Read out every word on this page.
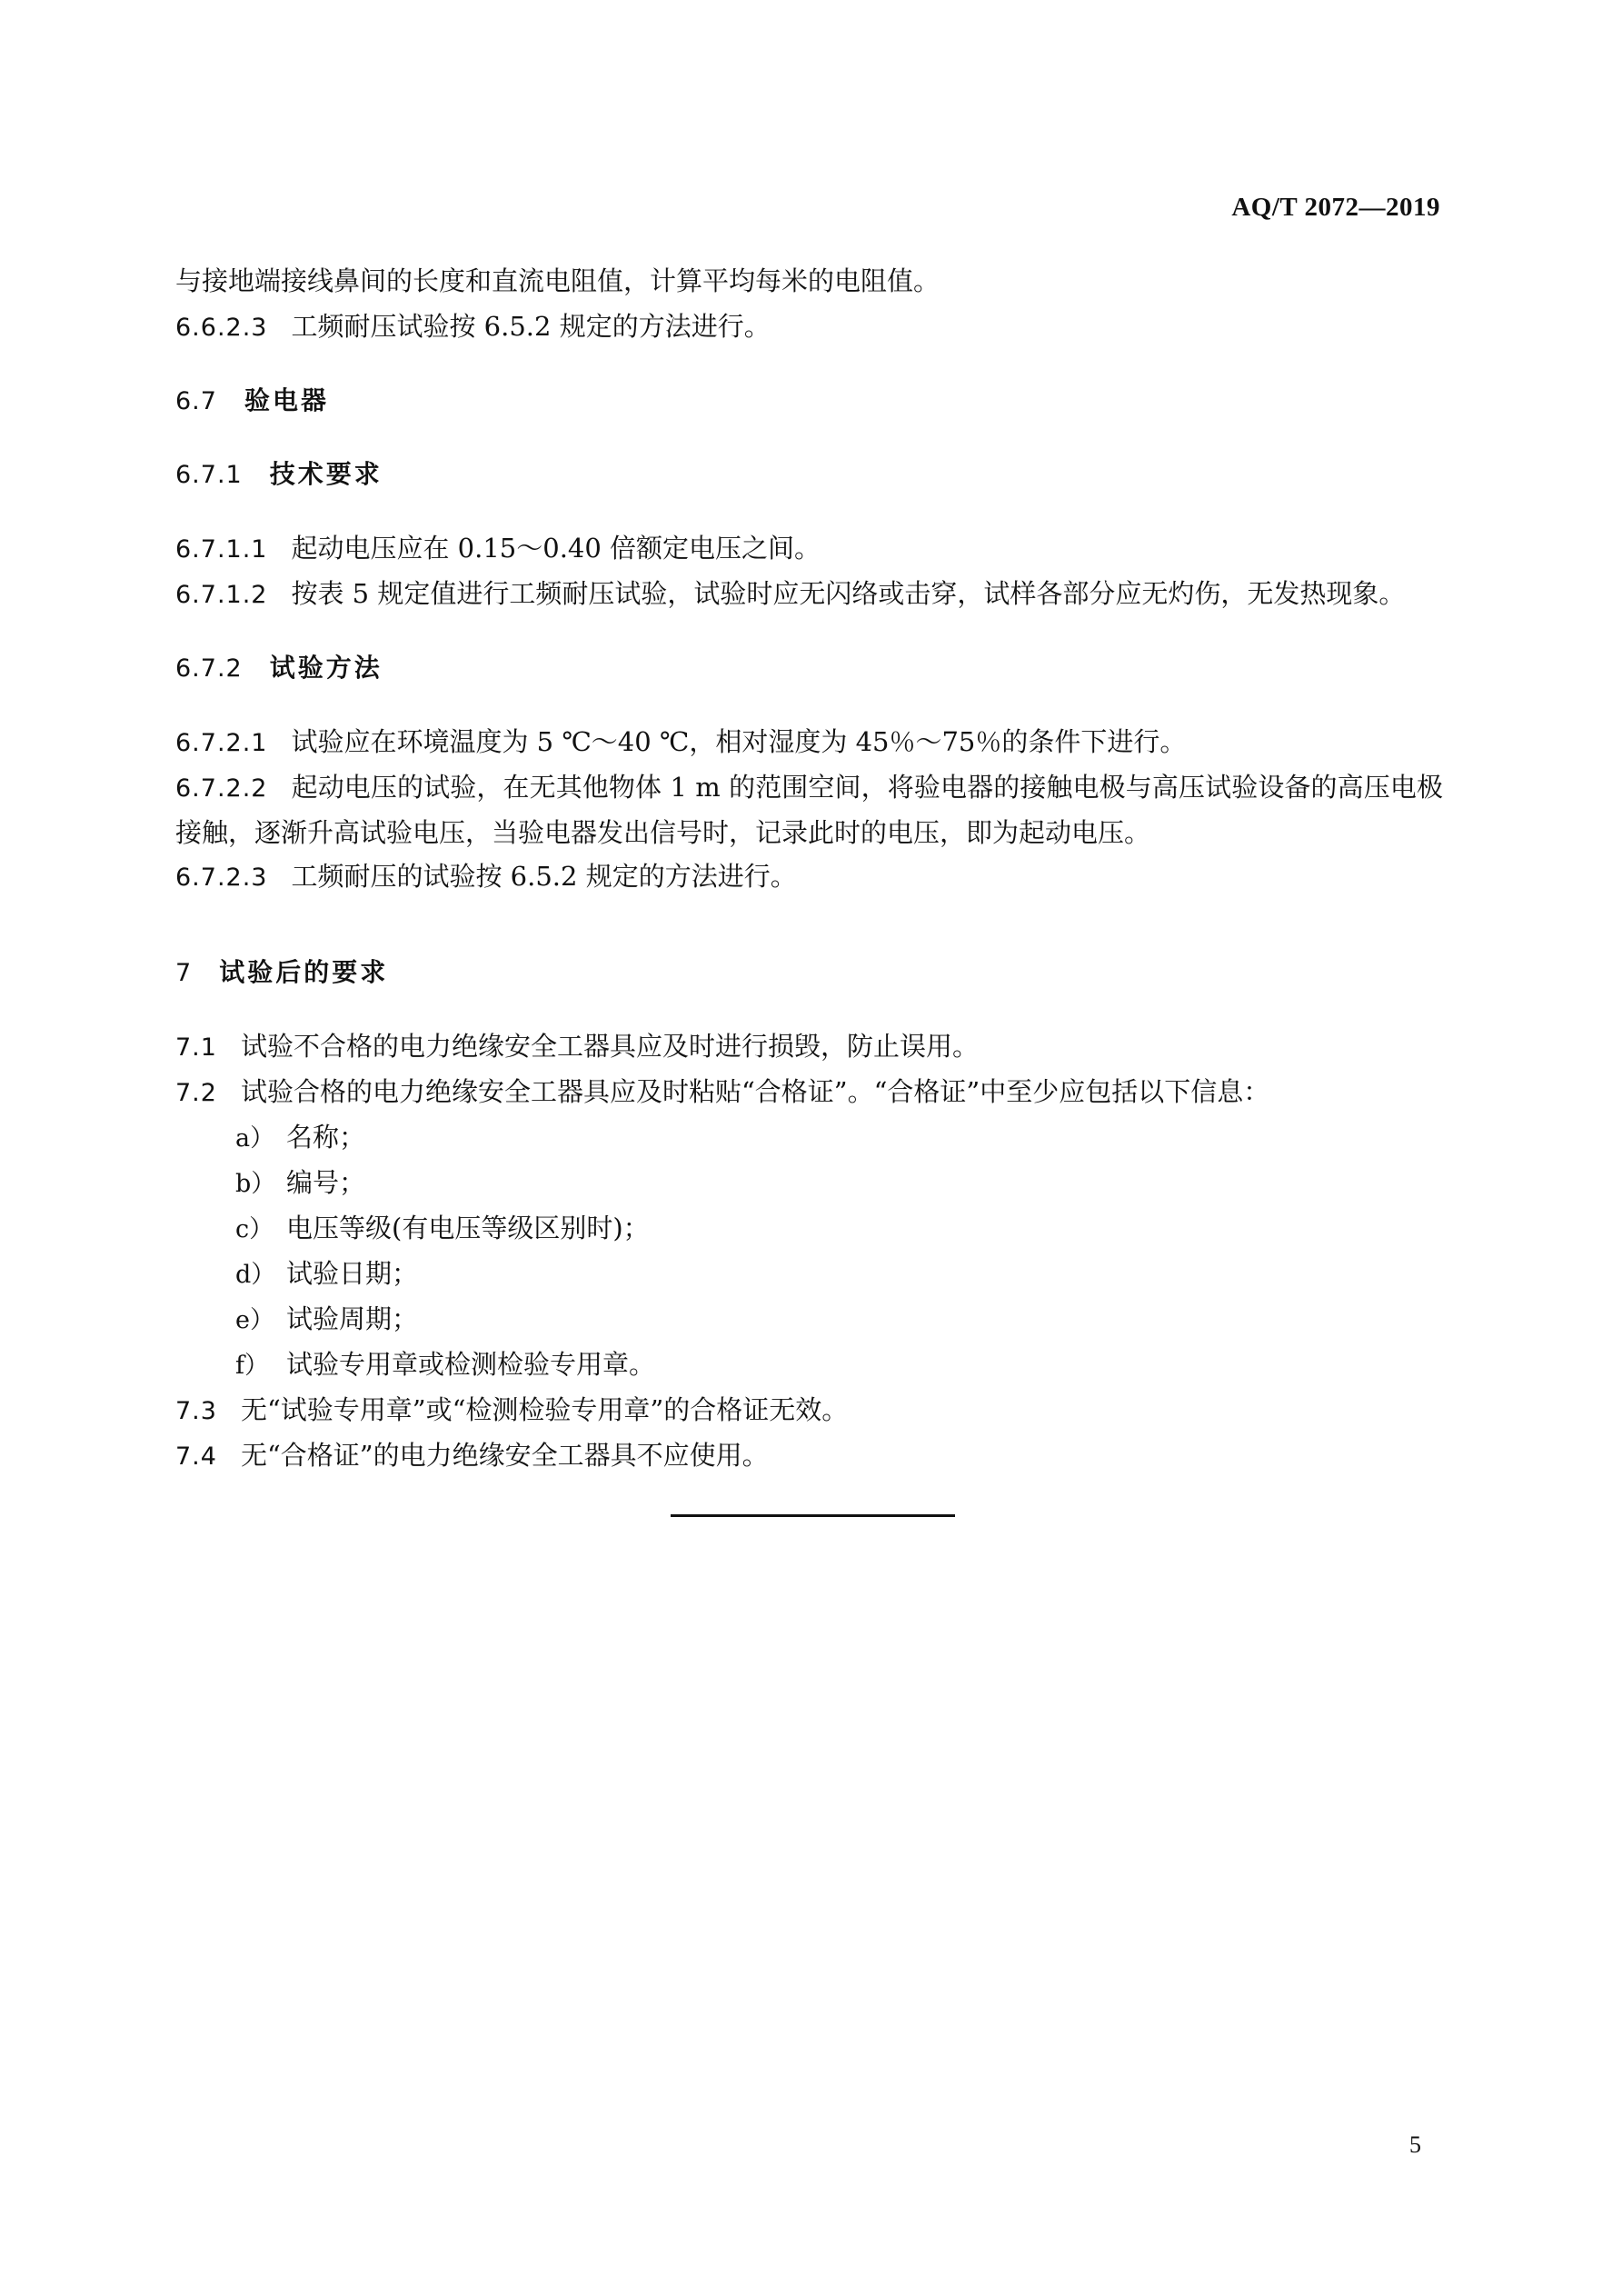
AQ/T 2072—2019

与接地端接线鼻间的长度和直流电阻值，计算平均每米的电阻值。

6.6.2.3 工频耐压试验按 6.5.2 规定的方法进行。

6.7 验电器

6.7.1 技术要求

6.7.1.1 起动电压应在 0.15～0.40 倍额定电压之间。

6.7.1.2 按表 5 规定值进行工频耐压试验，试验时应无闪络或击穿，试样各部分应无灼伤，无发热现象。

6.7.2 试验方法

6.7.2.1 试验应在环境温度为 5 ℃～40 ℃，相对湿度为 45％～75％的条件下进行。

6.7.2.2 起动电压的试验，在无其他物体 1 m 的范围空间，将验电器的接触电极与高压试验设备的高压电极接触，逐渐升高试验电压，当验电器发出信号时，记录此时的电压，即为起动电压。

6.7.2.3 工频耐压的试验按 6.5.2 规定的方法进行。

7 试验后的要求

7.1 试验不合格的电力绝缘安全工器具应及时进行损毁，防止误用。

7.2 试验合格的电力绝缘安全工器具应及时粘贴“合格证”。“合格证”中至少应包括以下信息：

a） 名称；

b） 编号；

c） 电压等级(有电压等级区别时)；

d） 试验日期；

e） 试验周期；

f） 试验专用章或检测检验专用章。

7.3 无“试验专用章”或“检测检验专用章”的合格证无效。

7.4 无“合格证”的电力绝缘安全工器具不应使用。

5
